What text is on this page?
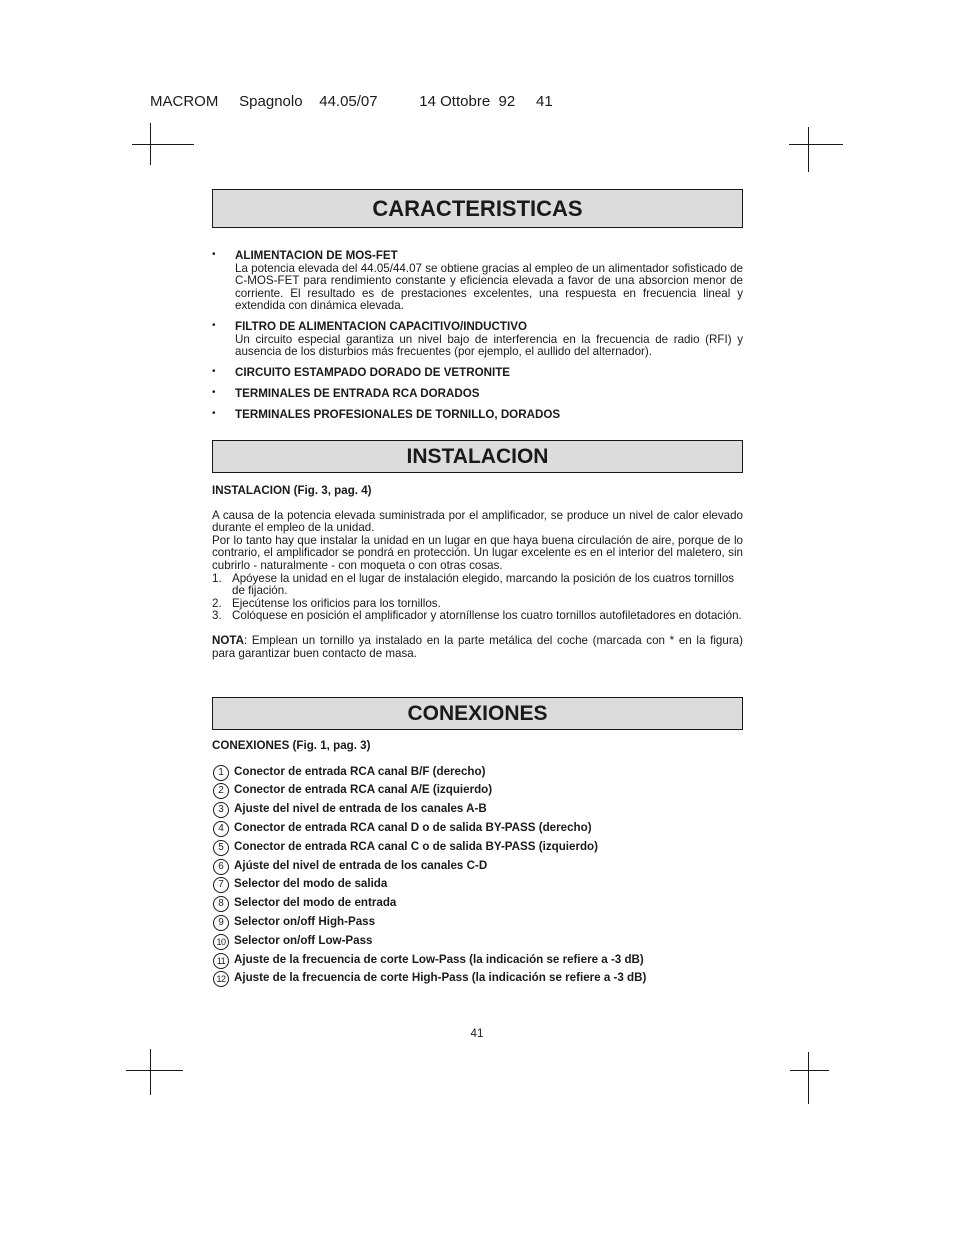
MACROM     Spagnolo    44.05/07          14 Ottobre  92     41
CARACTERISTICAS
• ALIMENTACION DE MOS-FET
La potencia elevada del 44.05/44.07 se obtiene gracias al empleo de un alimentador sofisticado de C-MOS-FET para rendimiento constante y eficiencia elevada a favor de una absorcion menor de corriente. El resultado es de prestaciones excelentes, una respuesta en frecuencia lineal y extendida con dinámica elevada.
• FILTRO DE ALIMENTACION CAPACITIVO/INDUCTIVO
Un circuito especial garantiza un nivel bajo de interferencia en la frecuencia de radio (RFI) y ausencia de los disturbios más frecuentes (por ejemplo, el aullido del alternador).
• CIRCUITO ESTAMPADO DORADO DE VETRONITE
• TERMINALES DE ENTRADA RCA DORADOS
• TERMINALES PROFESIONALES DE TORNILLO, DORADOS
INSTALACION
INSTALACION (Fig. 3, pag. 4)

A causa de la potencia elevada suministrada por el amplificador, se produce un nivel de calor elevado durante el empleo de la unidad.

Por lo tanto hay que instalar la unidad en un lugar en que haya buena circulación de aire, porque de lo contrario, el amplificador se pondrá en protección. Un lugar excelente es en el interior del maletero, sin cubrirlo - naturalmente - con moqueta o con otras cosas.

1. Apóyese la unidad en el lugar de instalación elegido, marcando la posición de los cuatros tornillos de fijación.
2. Ejecútense los orificios para los tornillos.
3. Colóquese en posición el amplificador y atorníllense los cuatro tornillos autofiletadores en dotación.

NOTA: Emplean un tornillo ya instalado en la parte metálica del coche (marcada con * en la figura) para garantizar buen contacto de masa.

CONEXIONES
CONEXIONES (Fig. 1, pag. 3)
1 Conector de entrada RCA canal B/F (derecho)
2 Conector de entrada RCA canal A/E (izquierdo)
3 Ajuste del nivel de entrada de los canales A-B
4 Conector de entrada RCA canal D o de salida BY-PASS (derecho)
5 Conector de entrada RCA canal C o de salida BY-PASS (izquierdo)
6 Ajúste del nivel de entrada de los canales C-D
7 Selector del modo de salida
8 Selector del modo de entrada
9 Selector on/off High-Pass
10 Selector on/off Low-Pass
11 Ajuste de la frecuencia de corte Low-Pass (la indicación se refiere a -3 dB)
12 Ajuste de la frecuencia de corte High-Pass (la indicación se refiere a -3 dB)
41
